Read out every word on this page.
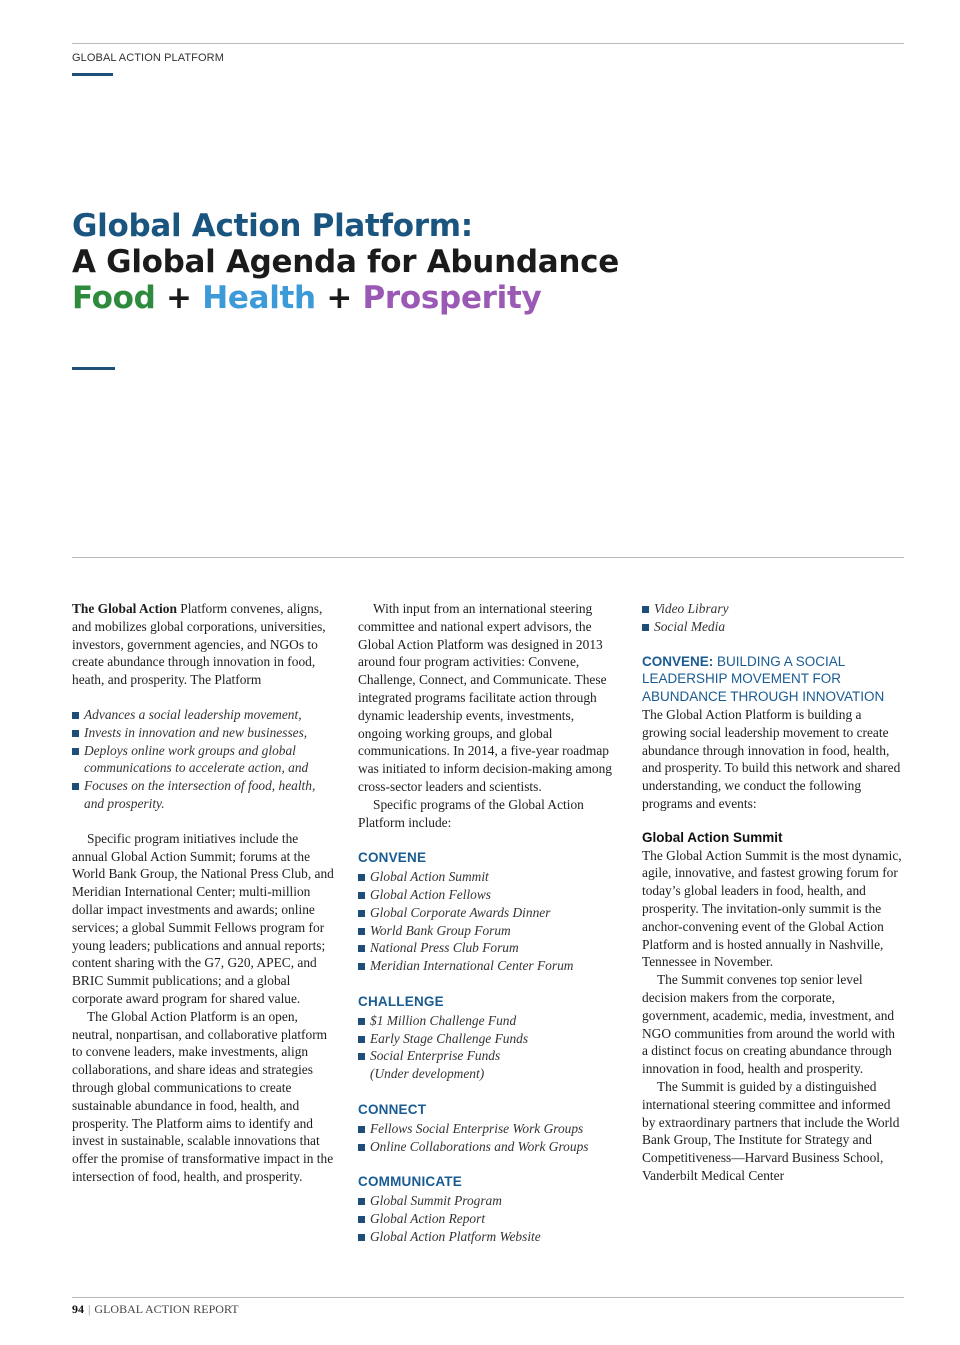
GLOBAL ACTION PLATFORM
Global Action Platform:
A Global Agenda for Abundance
Food + Health + Prosperity

The Global Action Platform convenes, aligns, and mobilizes global corporations, universities, investors, government agencies, and NGOs to create abundance through innovation in food, heath, and prosperity. The Platform

Advances a social leadership movement,
Invests in innovation and new businesses,
Deploys online work groups and global communications to accelerate action, and
Focuses on the intersection of food, health, and prosperity.

Specific program initiatives include the annual Global Action Summit; forums at the World Bank Group, the National Press Club, and Meridian International Center; multi-million dollar impact investments and awards; online services; a global Summit Fellows program for young leaders; publications and annual reports; content sharing with the G7, G20, APEC, and BRIC Summit publications; and a global corporate award program for shared value.

The Global Action Platform is an open, neutral, nonpartisan, and collaborative platform to convene leaders, make investments, align collaborations, and share ideas and strategies through global communications to create sustainable abundance in food, health, and prosperity. The Platform aims to identify and invest in sustainable, scalable innovations that offer the promise of transformative impact in the intersection of food, health, and prosperity.

With input from an international steering committee and national expert advisors, the Global Action Platform was designed in 2013 around four program activities: Convene, Challenge, Connect, and Communicate. These integrated programs facilitate action through dynamic leadership events, investments, ongoing working groups, and global communications. In 2014, a five-year roadmap was initiated to inform decision-making among cross-sector leaders and scientists.

Specific programs of the Global Action Platform include:

CONVENE

Global Action Summit
Global Action Fellows
Global Corporate Awards Dinner
World Bank Group Forum
National Press Club Forum
Meridian International Center Forum

CHALLENGE

$1 Million Challenge Fund
Early Stage Challenge Funds
Social Enterprise Funds
(Under development)

CONNECT

Fellows Social Enterprise Work Groups
Online Collaborations and Work Groups

COMMUNICATE

Global Summit Program
Global Action Report
Global Action Platform Website
Video Library
Social Media

CONVENE: BUILDING A SOCIAL LEADERSHIP MOVEMENT FOR ABUNDANCE THROUGH INNOVATION

The Global Action Platform is building a growing social leadership movement to create abundance through innovation in food, health, and prosperity. To build this network and shared understanding, we conduct the following programs and events:

Global Action Summit

The Global Action Summit is the most dynamic, agile, innovative, and fastest growing forum for today’s global leaders in food, health, and prosperity. The invitation-only summit is the anchor-convening event of the Global Action Platform and is hosted annually in Nashville, Tennessee in November.

The Summit convenes top senior level decision makers from the corporate, government, academic, media, investment, and NGO communities from around the world with a distinct focus on creating abundance through innovation in food, health and prosperity.

The Summit is guided by a distinguished international steering committee and informed by extraordinary partners that include the World Bank Group, The Institute for Strategy and Competitiveness—Harvard Business School, Vanderbilt Medical Center

94 | GLOBAL ACTION REPORT
